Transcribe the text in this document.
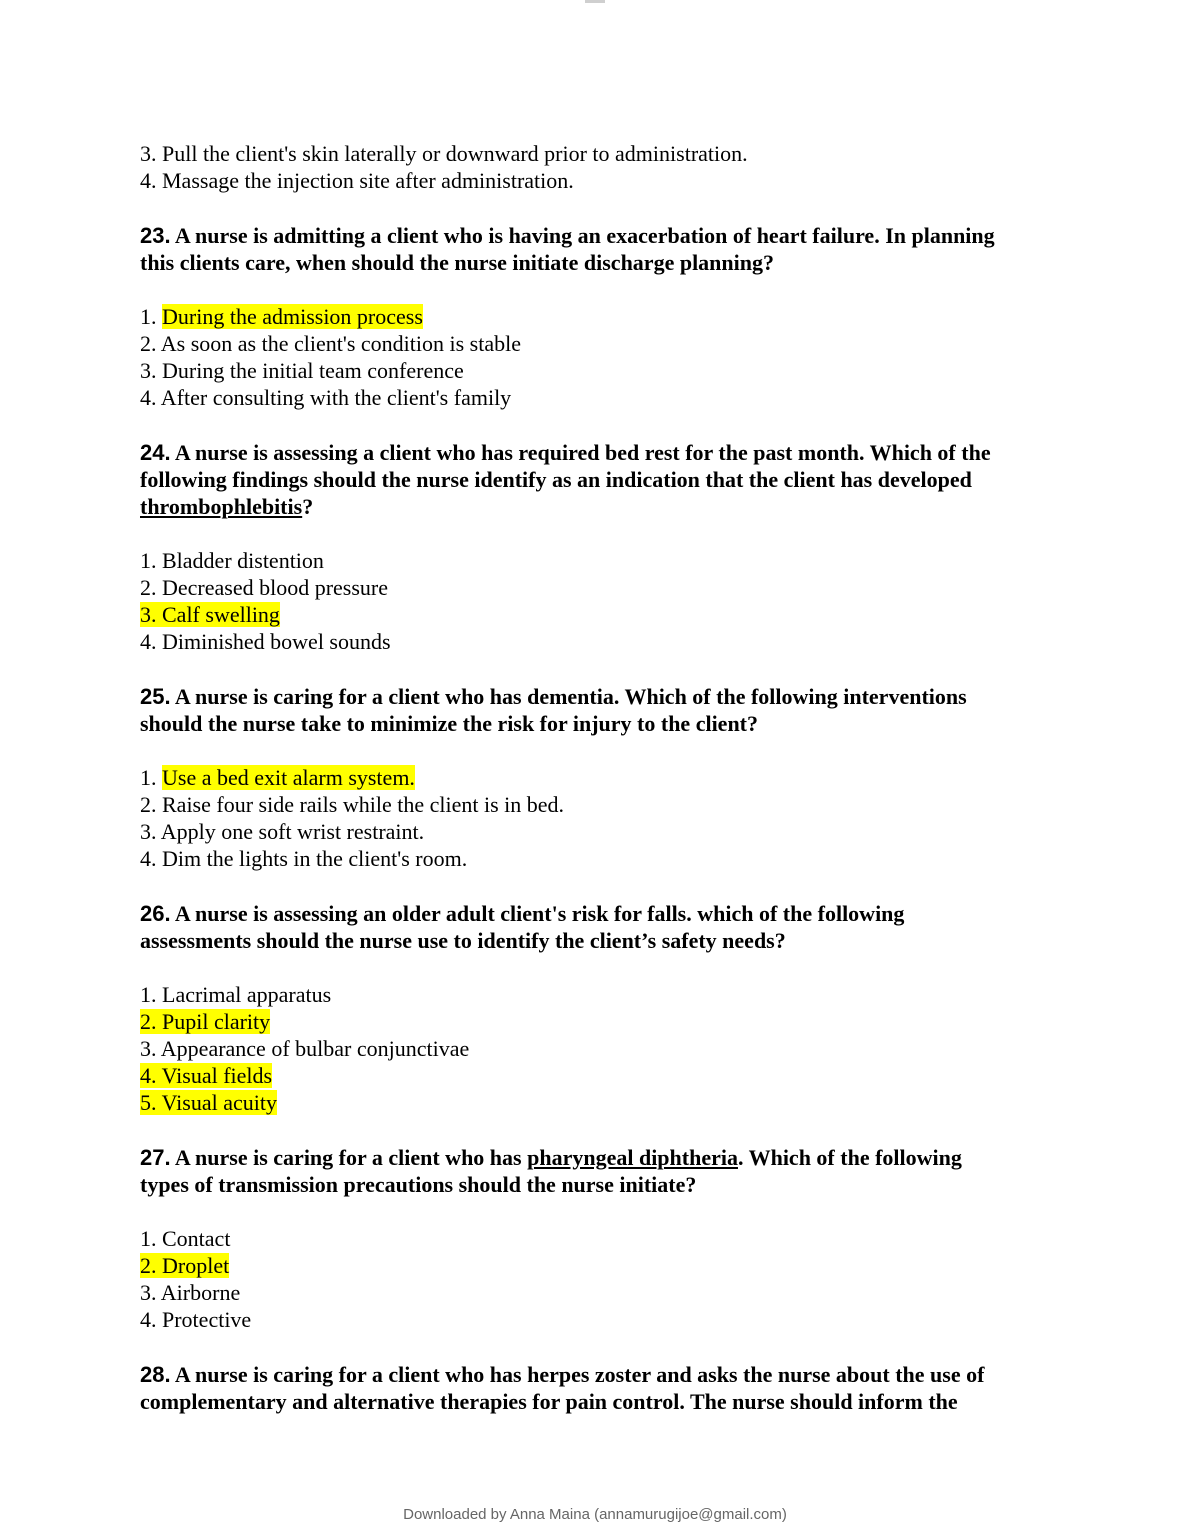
3. Pull the client's skin laterally or downward prior to administration.
4. Massage the injection site after administration.
23. A nurse is admitting a client who is having an exacerbation of heart failure. In planning
this clients care, when should the nurse initiate discharge planning?
1. During the admission process
2. As soon as the client's condition is stable
3. During the initial team conference
4. After consulting with the client's family
24. A nurse is assessing a client who has required bed rest for the past month. Which of the
following findings should the nurse identify as an indication that the client has developed
thrombophlebitis?
1. Bladder distention
2. Decreased blood pressure
3. Calf swelling
4. Diminished bowel sounds
25. A nurse is caring for a client who has dementia. Which of the following interventions
should the nurse take to minimize the risk for injury to the client?
1. Use a bed exit alarm system.
2. Raise four side rails while the client is in bed.
3. Apply one soft wrist restraint.
4. Dim the lights in the client's room.
26. A nurse is assessing an older adult client's risk for falls. which of the following
assessments should the nurse use to identify the client’s safety needs?
1. Lacrimal apparatus
2. Pupil clarity
3. Appearance of bulbar conjunctivae
4. Visual fields
5. Visual acuity
27. A nurse is caring for a client who has pharyngeal diphtheria. Which of the following
types of transmission precautions should the nurse initiate?
1. Contact
2. Droplet
3. Airborne
4. Protective
28. A nurse is caring for a client who has herpes zoster and asks the nurse about the use of
complementary and alternative therapies for pain control. The nurse should inform the
Downloaded by Anna Maina (annamurugijoe@gmail.com)
